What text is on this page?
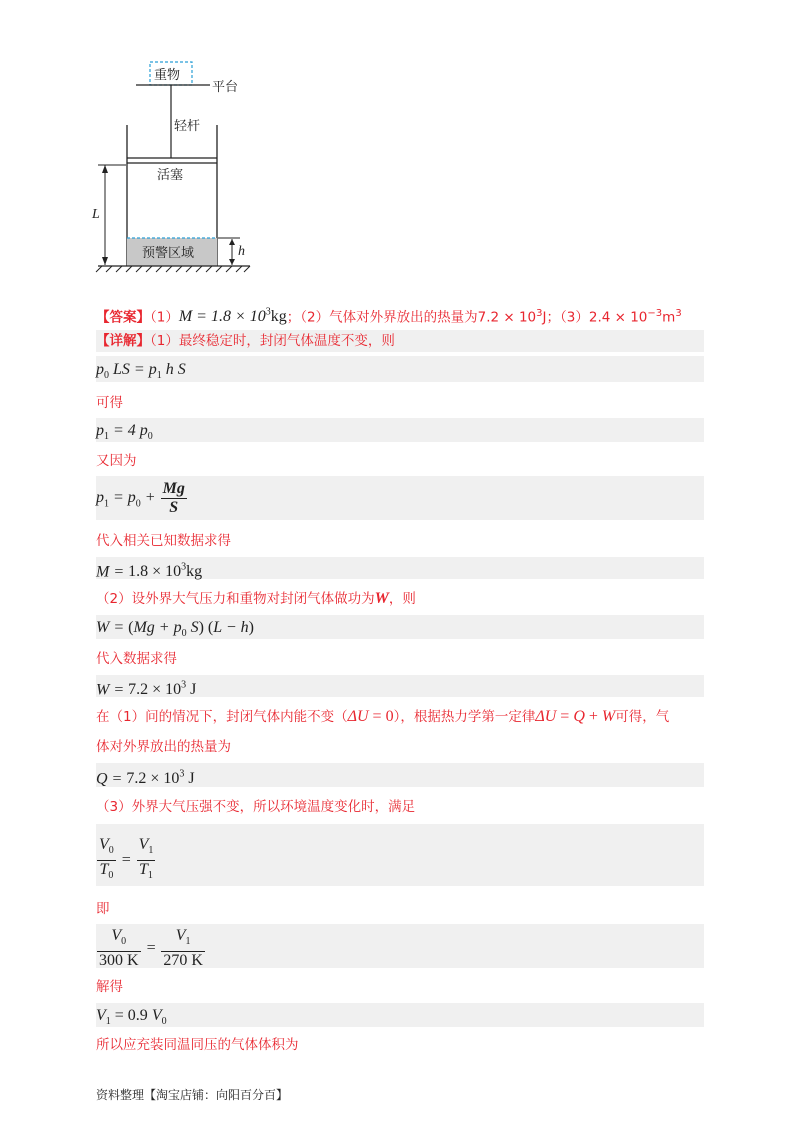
重物
平台
轻杆
活塞
预警区域
L
h
【答案】$(1)M = 1.8 \times 10^3kg$；（2）气体对外界放出的热量为$7.2 \times 10^3J$；$(3)2.4 \times 10^{-3}m^3$
【详解】（1）最终稳定时，封闭气体温度不变，则
$p_0$ LS = $p_1$ h S
可得
$p_1 = 4$ $p_0$
又因为
$p_1 = p_0 + \frac{Mg}{S}$
代入相关已知数据求得
$M = 1.8 \times 10^3kg$
（2）设外界大气压力和重物对封闭气体做功为W，则
$W = (Mg + p_0$ S) (L − h)
代入数据求得
$W = 7.2 \times 10^3$ J
在（1）问的情况下，封闭气体内能不变（ΔU = 0），根据热力学第一定律ΔU = Q + W可得，气
体对外界放出的热量为
$Q = 7.2 \times 10^3$ J
（3）外界大气压强不变，所以环境温度变化时，满足
$\frac{V_0}{T_0} = \frac{V_1}{T_1}$
即
$\frac{V_0}{300 K} = \frac{V_1}{270 K}$
解得
$V_1 = 0.9$ $V_0$
所以应充装同温同压的气体体积为
资料整理【淘宝店铺：向阳百分百】
